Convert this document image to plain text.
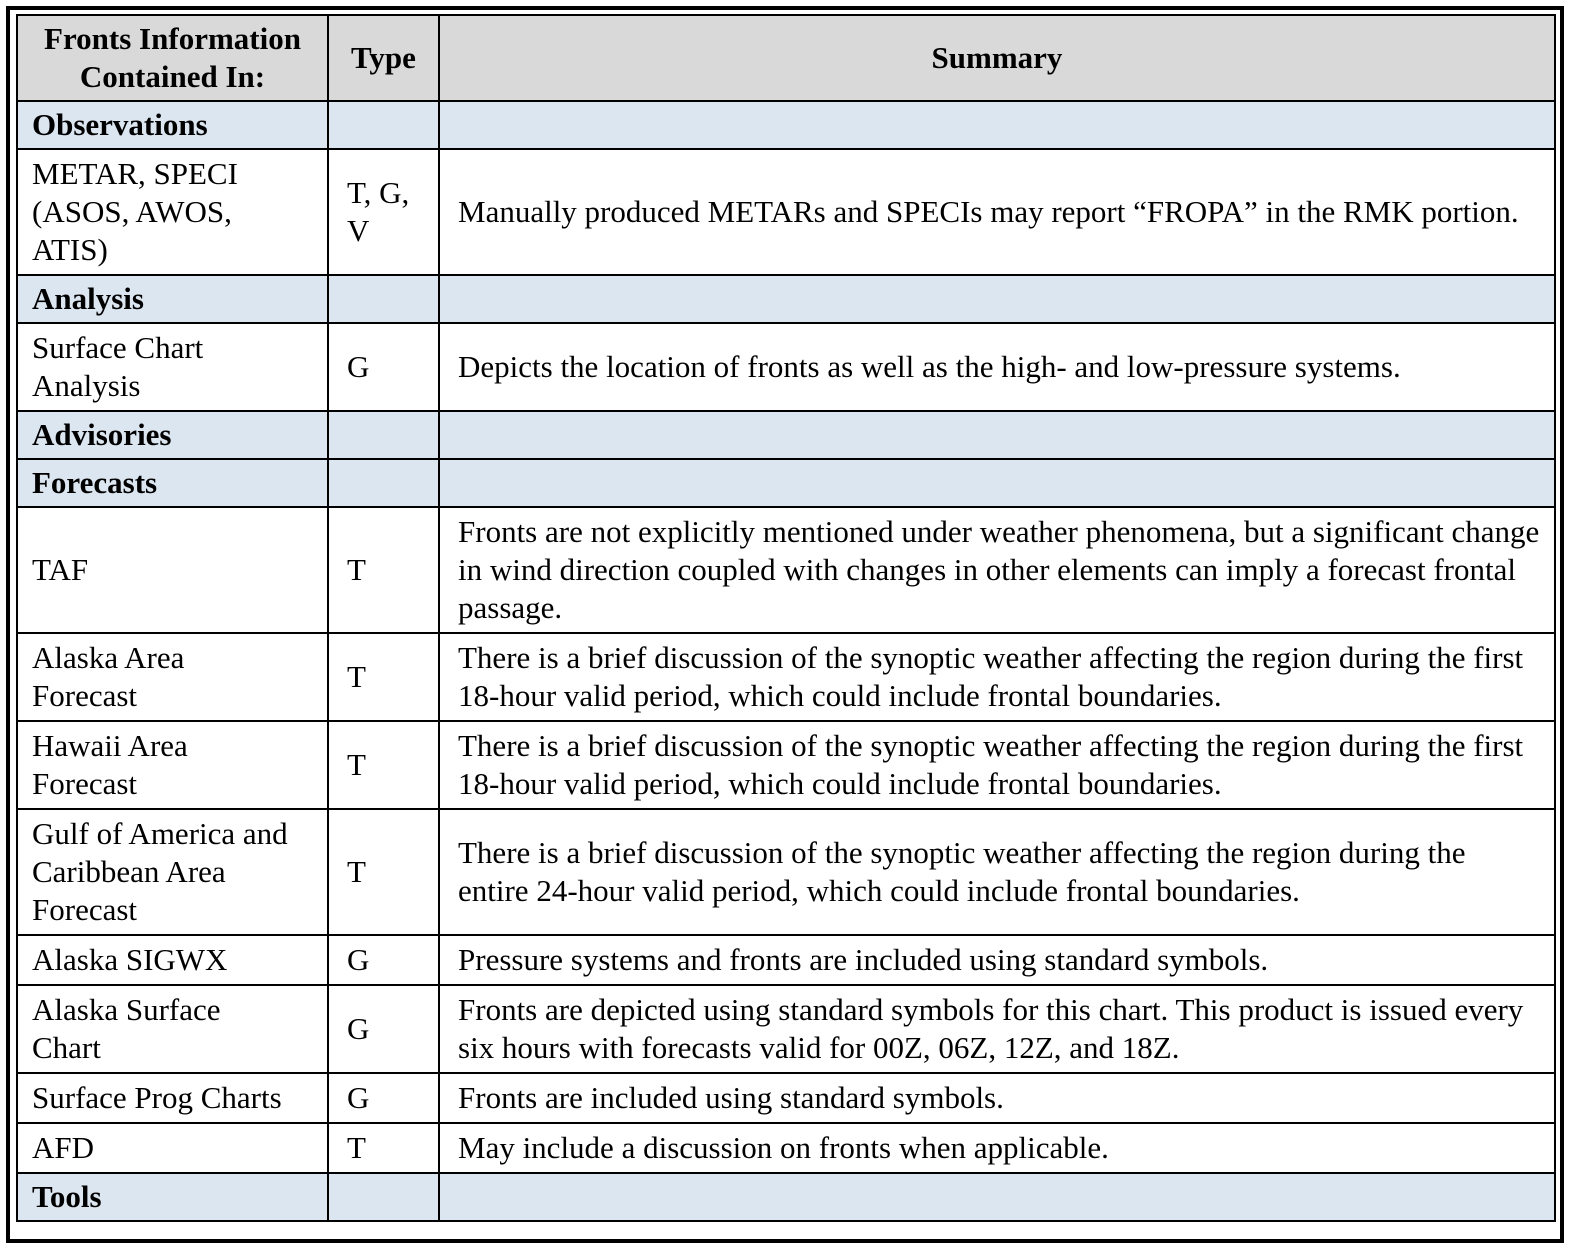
Fronts Information Contained In:	Type	Summary
Observations		
METAR, SPECI (ASOS, AWOS, ATIS)	T, G, V	Manually produced METARs and SPECIs may report “FROPA” in the RMK portion.
Analysis		
Surface Chart Analysis	G	Depicts the location of fronts as well as the high- and low-pressure systems.
Advisories		
Forecasts		
TAF	T	Fronts are not explicitly mentioned under weather phenomena, but a significant change in wind direction coupled with changes in other elements can imply a forecast frontal passage.
Alaska Area Forecast	T	There is a brief discussion of the synoptic weather affecting the region during the first 18-hour valid period, which could include frontal boundaries.
Hawaii Area Forecast	T	There is a brief discussion of the synoptic weather affecting the region during the first 18-hour valid period, which could include frontal boundaries.
Gulf of America and Caribbean Area Forecast	T	There is a brief discussion of the synoptic weather affecting the region during the entire 24-hour valid period, which could include frontal boundaries.
Alaska SIGWX	G	Pressure systems and fronts are included using standard symbols.
Alaska Surface Chart	G	Fronts are depicted using standard symbols for this chart. This product is issued every six hours with forecasts valid for 00Z, 06Z, 12Z, and 18Z.
Surface Prog Charts	G	Fronts are included using standard symbols.
AFD	T	May include a discussion on fronts when applicable.
Tools		
